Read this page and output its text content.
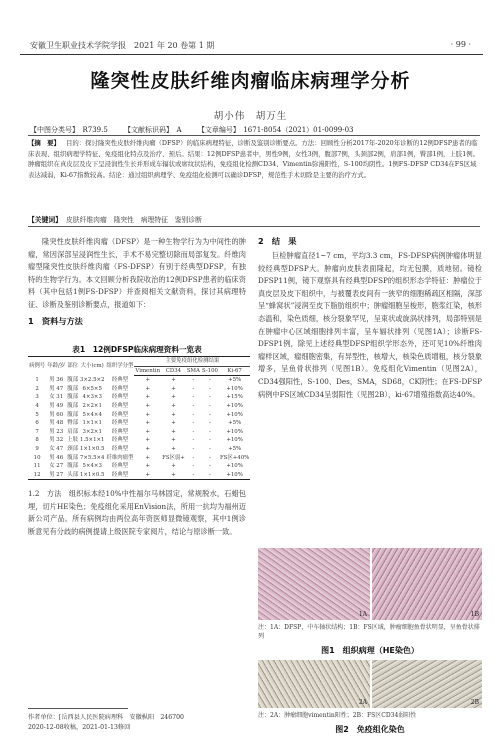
安徽卫生职业技术学院学报　2021 年 20 卷第 1 期	· 99 ·
隆突性皮肤纤维肉瘤临床病理学分析
胡小伟　胡万生
【中图分类号】　R739.5 【文献标识码】　A 【文章编号】　1671-8054（2021）01-0099-03
【摘　要】 目的：探讨隆突性皮肤纤维肉瘤（DFSP）的临床病理特征、诊断及鉴别诊断要点。方法：回顾性分析2017年-2020年诊断的12例DFSP患者的临床表现、组织病理学特征、免疫组化特点及治疗、预后。结果：12例DFSP患者中，男性9例，女性3例，腹部7例，头颈部2例，肩部1例，臀部1例，上肢1例。肿瘤组织在真皮层及皮下呈浸润性生长并形成车辐状或席纹状结构，免疫组化检测CD34、Vimentin弥漫阳性，S-100均阴性。1例FS-DFSP CD34在FS区域表达减弱，Ki-67指数较高。结论：通过组织病理学、免疫组化检测可以确诊DFSP，规范性手术切除是主要的治疗方式。
【关键词】 皮肤纤维肉瘤　隆突性　病理特征　鉴别诊断
隆突性皮肤纤维肉瘤（DFSP）是一种生物学行为为中间性的肿瘤，常因深部呈浸润性生长，手术不易完整切除而局部复发。纤维肉瘤型隆突性皮肤纤维肉瘤（FS-DFSP）有别于经典型DFSP，有独特的生物学行为。本文回顾分析我院收治的12例DFSP患者的临床资料（其中包括1例FS-DFSP）并查阅相关文献资料，探讨其病理特征、诊断及鉴别诊断要点，报道如下：
1　资料与方法
表1　12例DFSP临床病理资料一览表
病例号	年龄/岁	部位	大小(cm)	组织学分型	主要免疫组化检测结果				
					Vimentin	CD34	SMA	S-100	Ki-67
1	男 36	腹部	3×2.5×2	经典型	+	+	-	-	+5%
2	男 47	腹部	6×5×5	经典型	+	+	-	-	+10%
3	女 31	腹部	4×3×3	经典型	+	+	-	-	+15%
4	男 49	腹部	2×2×1	经典型	+	+	-	-	+10%
5	男 60	腹部	5×4×4	经典型	+	+	-	-	+10%
6	男 48	臀部	1×1×1	经典型	+	+	-	-	+5%
7	男 23	肩部	3×2×1	经典型	+	+	-	-	+10%
8	男 32	上肢	1.5×1×1	经典型	+	+	-	-	+10%
9	女 47	颈部	1×1×0.5	经典型	+	+	-	-	+5%
10	男 46	腹部	7×5.5×4	纤维肉瘤型	+	FS区弱+	-	-	FS区+40%
11	女 27	腹部	5×4×3	经典型	+	+	-	-	+10%
12	男 27	头部	1×1×0.5	经典型	+	+	-	-	+10%
作者单位：[岳西县人民医院病理科　安徽枞阳　246700
2020-12-08收稿，2021-01-13修回
2　结　果
巨检肿瘤直径1~7 cm，平均3.3 cm，FS-DFSP病例肿瘤体明显较经典型DFSP大。肿瘤向皮肤表面隆起，均无包膜，质地韧。镜检DFSP11例，镜下观察具有经典型DFSP的组织形态学特征：肿瘤位于真皮层及皮下组织中，与被覆表皮间有一狭窄的细胞稀疏区相隔，深部呈“蜂窝状”浸润至皮下脂肪组织中；肿瘤细胞呈梭形，胞浆红染，核形态温和，染色质细，核分裂象罕见，呈束状或旋涡状排列，局部特别是在肿瘤中心区域细胞排列丰富，呈车辐状排列（见图1A）；诊断FS-DFSP1例，除见上述经典型DFSP组织学形态外，还可见10%纤维肉瘤样区域，瘤细胞密集，有异型性，核增大，核染色质增粗，核分裂象增多，呈鱼骨状排列（见图1B）。免疫组化Vimentin（见图2A），CD34强阳性，S-100、Des，SMA，SD68，CK阴性；在FS-DFSP病例中FS区域CD34呈弱阳性（见图2B），ki-67增殖指数高达40%。
1A	1B
注：1A：DFSP，中车轴状结构；1B：FS区域，肿瘤细胞鱼骨状明显，呈鱼骨状排列
图1　组织病理（HE染色）
2A	2B
注：2A：肿瘤细胞vimentin阳性；2B：FS区CD34弱阳性
图2　免疫组化染色
1.2　方法　组织标本经10%中性福尔马林固定，常规脱水，石蜡包埋，切片HE染色；免疫组化采用EnVision法，所用一抗均为福州迈新公司产品。所有病例均由两位高年资医师显微镜观察，其中1例诊断意见有分歧的病例提请上级医院专家阅片，结论与原诊断一致。
